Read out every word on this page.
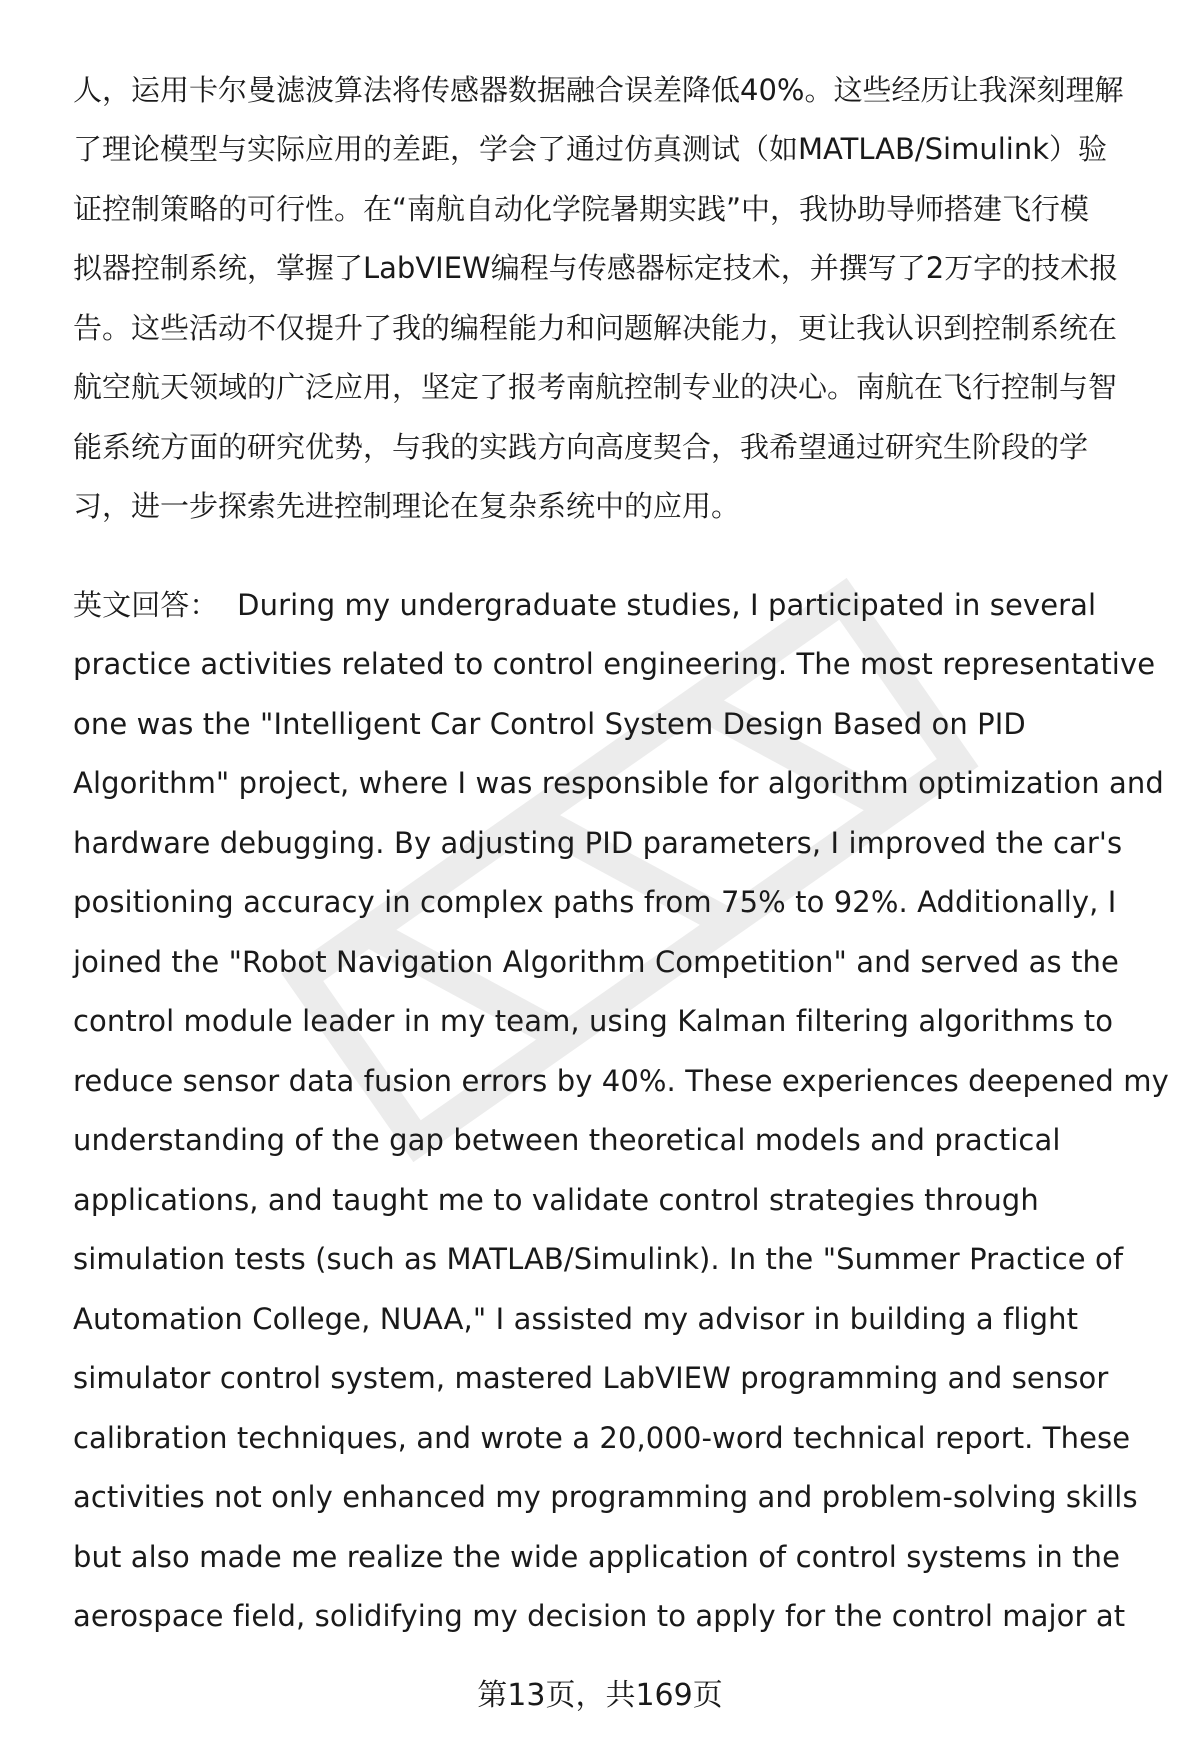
人，运用卡尔曼滤波算法将传感器数据融合误差降低40%。这些经历让我深刻理解
了理论模型与实际应用的差距，学会了通过仿真测试（如MATLAB/Simulink）验
证控制策略的可行性。在“南航自动化学院暑期实践”中，我协助导师搭建飞行模
拟器控制系统，掌握了LabVIEW编程与传感器标定技术，并撰写了2万字的技术报
告。这些活动不仅提升了我的编程能力和问题解决能力，更让我认识到控制系统在
航空航天领域的广泛应用，坚定了报考南航控制专业的决心。南航在飞行控制与智
能系统方面的研究优势，与我的实践方向高度契合，我希望通过研究生阶段的学
习，进一步探索先进控制理论在复杂系统中的应用。
英文回答： During my undergraduate studies, I participated in several
practice activities related to control engineering. The most representative
one was the "Intelligent Car Control System Design Based on PID
Algorithm" project, where I was responsible for algorithm optimization and
hardware debugging. By adjusting PID parameters, I improved the car's
positioning accuracy in complex paths from 75% to 92%. Additionally, I
joined the "Robot Navigation Algorithm Competition" and served as the
control module leader in my team, using Kalman filtering algorithms to
reduce sensor data fusion errors by 40%. These experiences deepened my
understanding of the gap between theoretical models and practical
applications, and taught me to validate control strategies through
simulation tests (such as MATLAB/Simulink). In the "Summer Practice of
Automation College, NUAA," I assisted my advisor in building a flight
simulator control system, mastered LabVIEW programming and sensor
calibration techniques, and wrote a 20,000-word technical report. These
activities not only enhanced my programming and problem-solving skills
but also made me realize the wide application of control systems in the
aerospace field, solidifying my decision to apply for the control major at
第13页，共169页
